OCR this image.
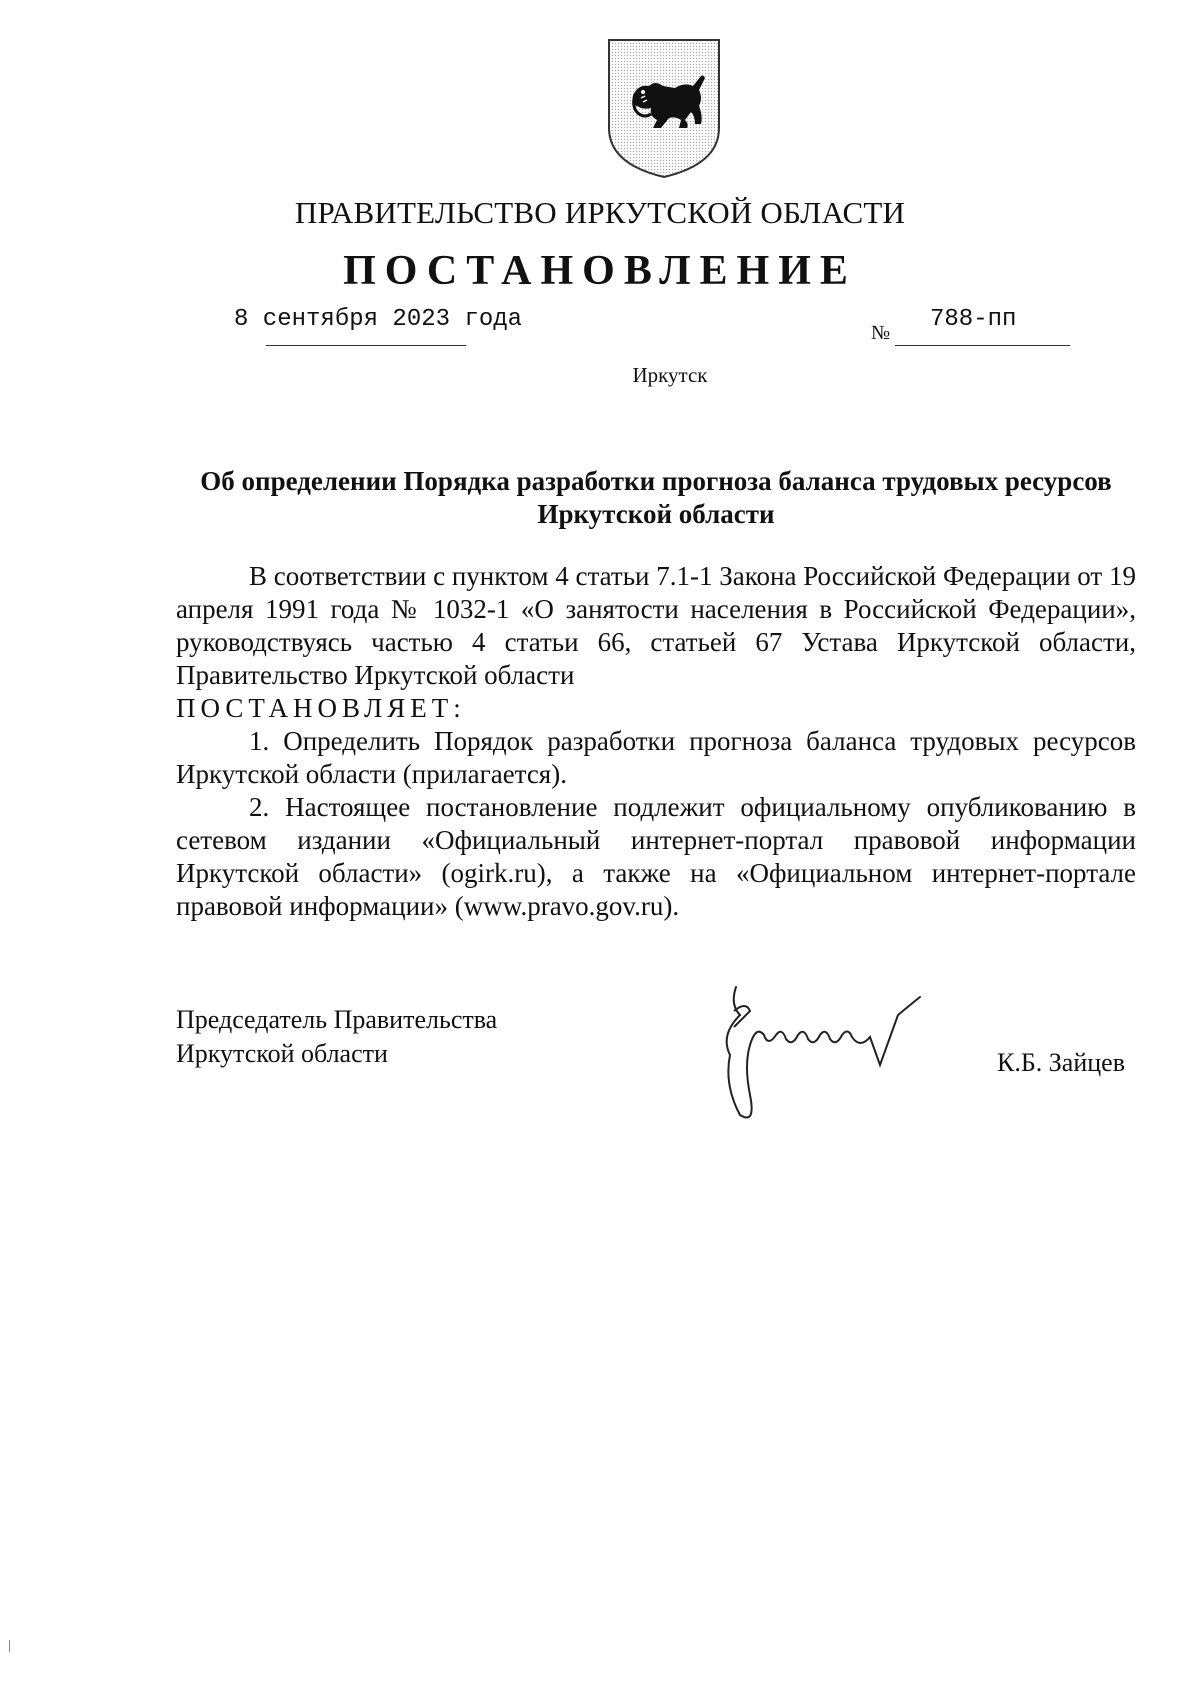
ПРАВИТЕЛЬСТВО ИРКУТСКОЙ ОБЛАСТИ
ПОСТАНОВЛЕНИЕ
8 сентября 2023 года	№ 788-пп
Иркутск
Об определении Порядка разработки прогноза баланса трудовых ресурсов
Иркутской области

В соответствии с пунктом 4 статьи 7.1-1 Закона Российской Федерации от 19 апреля 1991 года № 1032-1 «О занятости населения в Российской Федерации», руководствуясь частью 4 статьи 66, статьей 67 Устава Иркутской области, Правительство Иркутской области

ПОСТАНОВЛЯЕТ:

1. Определить Порядок разработки прогноза баланса трудовых ресурсов Иркутской области (прилагается).

2. Настоящее постановление подлежит официальному опубликованию в сетевом издании «Официальный интернет-портал правовой информации Иркутской области» (ogirk.ru), а также на «Официальном интернет-портале правовой информации» (www.pravo.gov.ru).

Председатель Правительства
Иркутской области	К.Б. Зайцев
